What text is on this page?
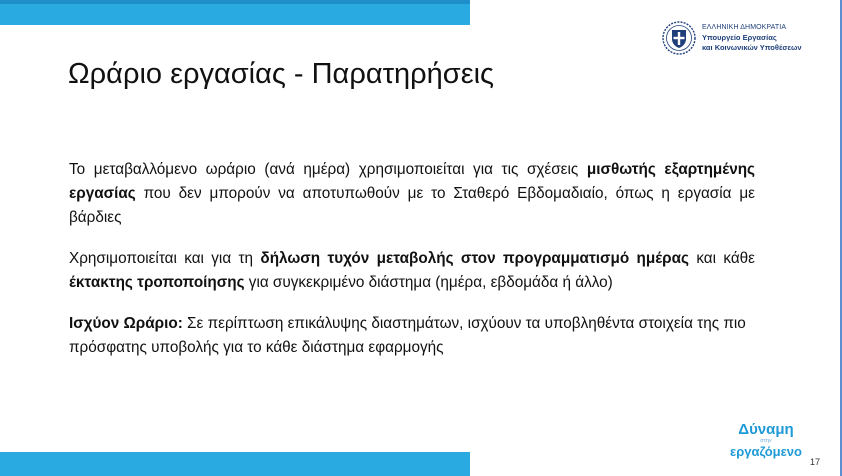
ΕΛΛΗΝΙΚΗ ΔΗΜΟΚΡΑΤΙΑ
Υπουργείο Εργασίας
και Κοινωνικών Υποθέσεων
Ωράριο εργασίας - Παρατηρήσεις

Το μεταβαλλόμενο ωράριο (ανά ημέρα) χρησιμοποιείται για τις σχέσεις μισθωτής εξαρτημένης εργασίας που δεν μπορούν να αποτυπωθούν με το Σταθερό Εβδομαδιαίο, όπως η εργασία με βάρδιες

Χρησιμοποιείται και για τη δήλωση τυχόν μεταβολής στον προγραμματισμό ημέρας και κάθε έκτακτης τροποποίησης για συγκεκριμένο διάστημα (ημέρα, εβδομάδα ή άλλο)

Ισχύον Ωράριο: Σε περίπτωση επικάλυψης διαστημάτων, ισχύουν τα υποβληθέντα στοιχεία της πιο πρόσφατης υποβολής για το κάθε διάστημα εφαρμογής

Δύναμη
στην
εργαζόμενο
17
